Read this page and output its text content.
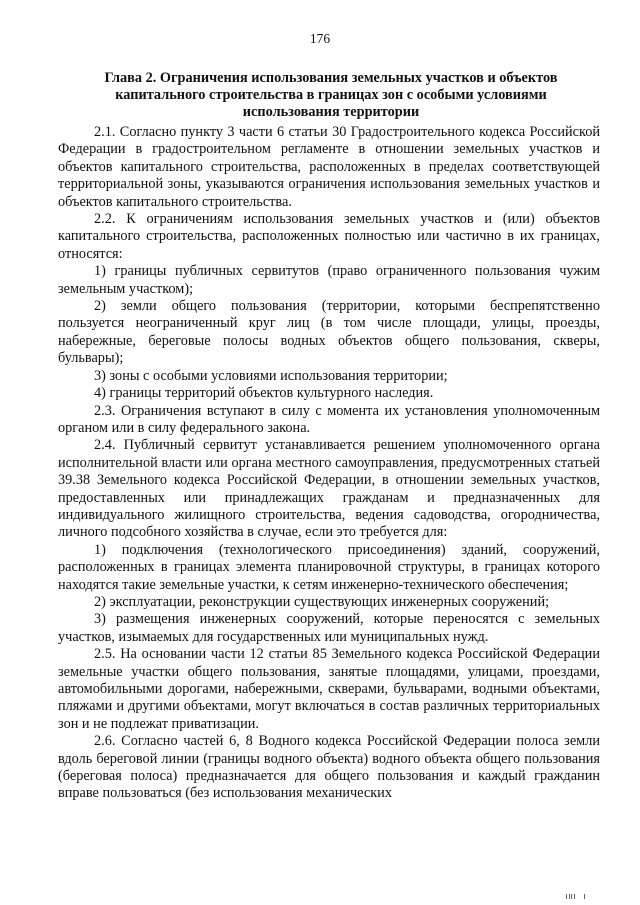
176
Глава 2. Ограничения использования земельных участков и объектов капитального строительства в границах зон с особыми условиями использования территории

2.1. Согласно пункту 3 части 6 статьи 30 Градостроительного кодекса Российской Федерации в градостроительном регламенте в отношении земельных участков и объектов капитального строительства, расположенных в пределах соответствующей территориальной зоны, указываются ограничения использования земельных участков и объектов капитального строительства.

2.2. К ограничениям использования земельных участков и (или) объектов капитального строительства, расположенных полностью или частично в их границах, относятся:

1) границы публичных сервитутов (право ограниченного пользования чужим земельным участком);

2) земли общего пользования (территории, которыми беспрепятственно пользуется неограниченный круг лиц (в том числе площади, улицы, проезды, набережные, береговые полосы водных объектов общего пользования, скверы, бульвары);

3) зоны с особыми условиями использования территории;

4) границы территорий объектов культурного наследия.

2.3. Ограничения вступают в силу с момента их установления уполномоченным органом или в силу федерального закона.

2.4. Публичный сервитут устанавливается решением уполномоченного органа исполнительной власти или органа местного самоуправления, предусмотренных статьей 39.38 Земельного кодекса Российской Федерации, в отношении земельных участков, предоставленных или принадлежащих гражданам и предназначенных для индивидуального жилищного строительства, ведения садоводства, огородничества, личного подсобного хозяйства в случае, если это требуется для:

1) подключения (технологического присоединения) зданий, сооружений, расположенных в границах элемента планировочной структуры, в границах которого находятся такие земельные участки, к сетям инженерно-технического обеспечения;

2) эксплуатации, реконструкции существующих инженерных сооружений;

3) размещения инженерных сооружений, которые переносятся с земельных участков, изымаемых для государственных или муниципальных нужд.

2.5. На основании части 12 статьи 85 Земельного кодекса Российской Федерации земельные участки общего пользования, занятые площадями, улицами, проездами, автомобильными дорогами, набережными, скверами, бульварами, водными объектами, пляжами и другими объектами, могут включаться в состав различных территориальных зон и не подлежат приватизации.

2.6. Согласно частей 6, 8 Водного кодекса Российской Федерации полоса земли вдоль береговой линии (границы водного объекта) водного объекта общего пользования (береговая полоса) предназначается для общего пользования и каждый гражданин вправе пользоваться (без использования механических
